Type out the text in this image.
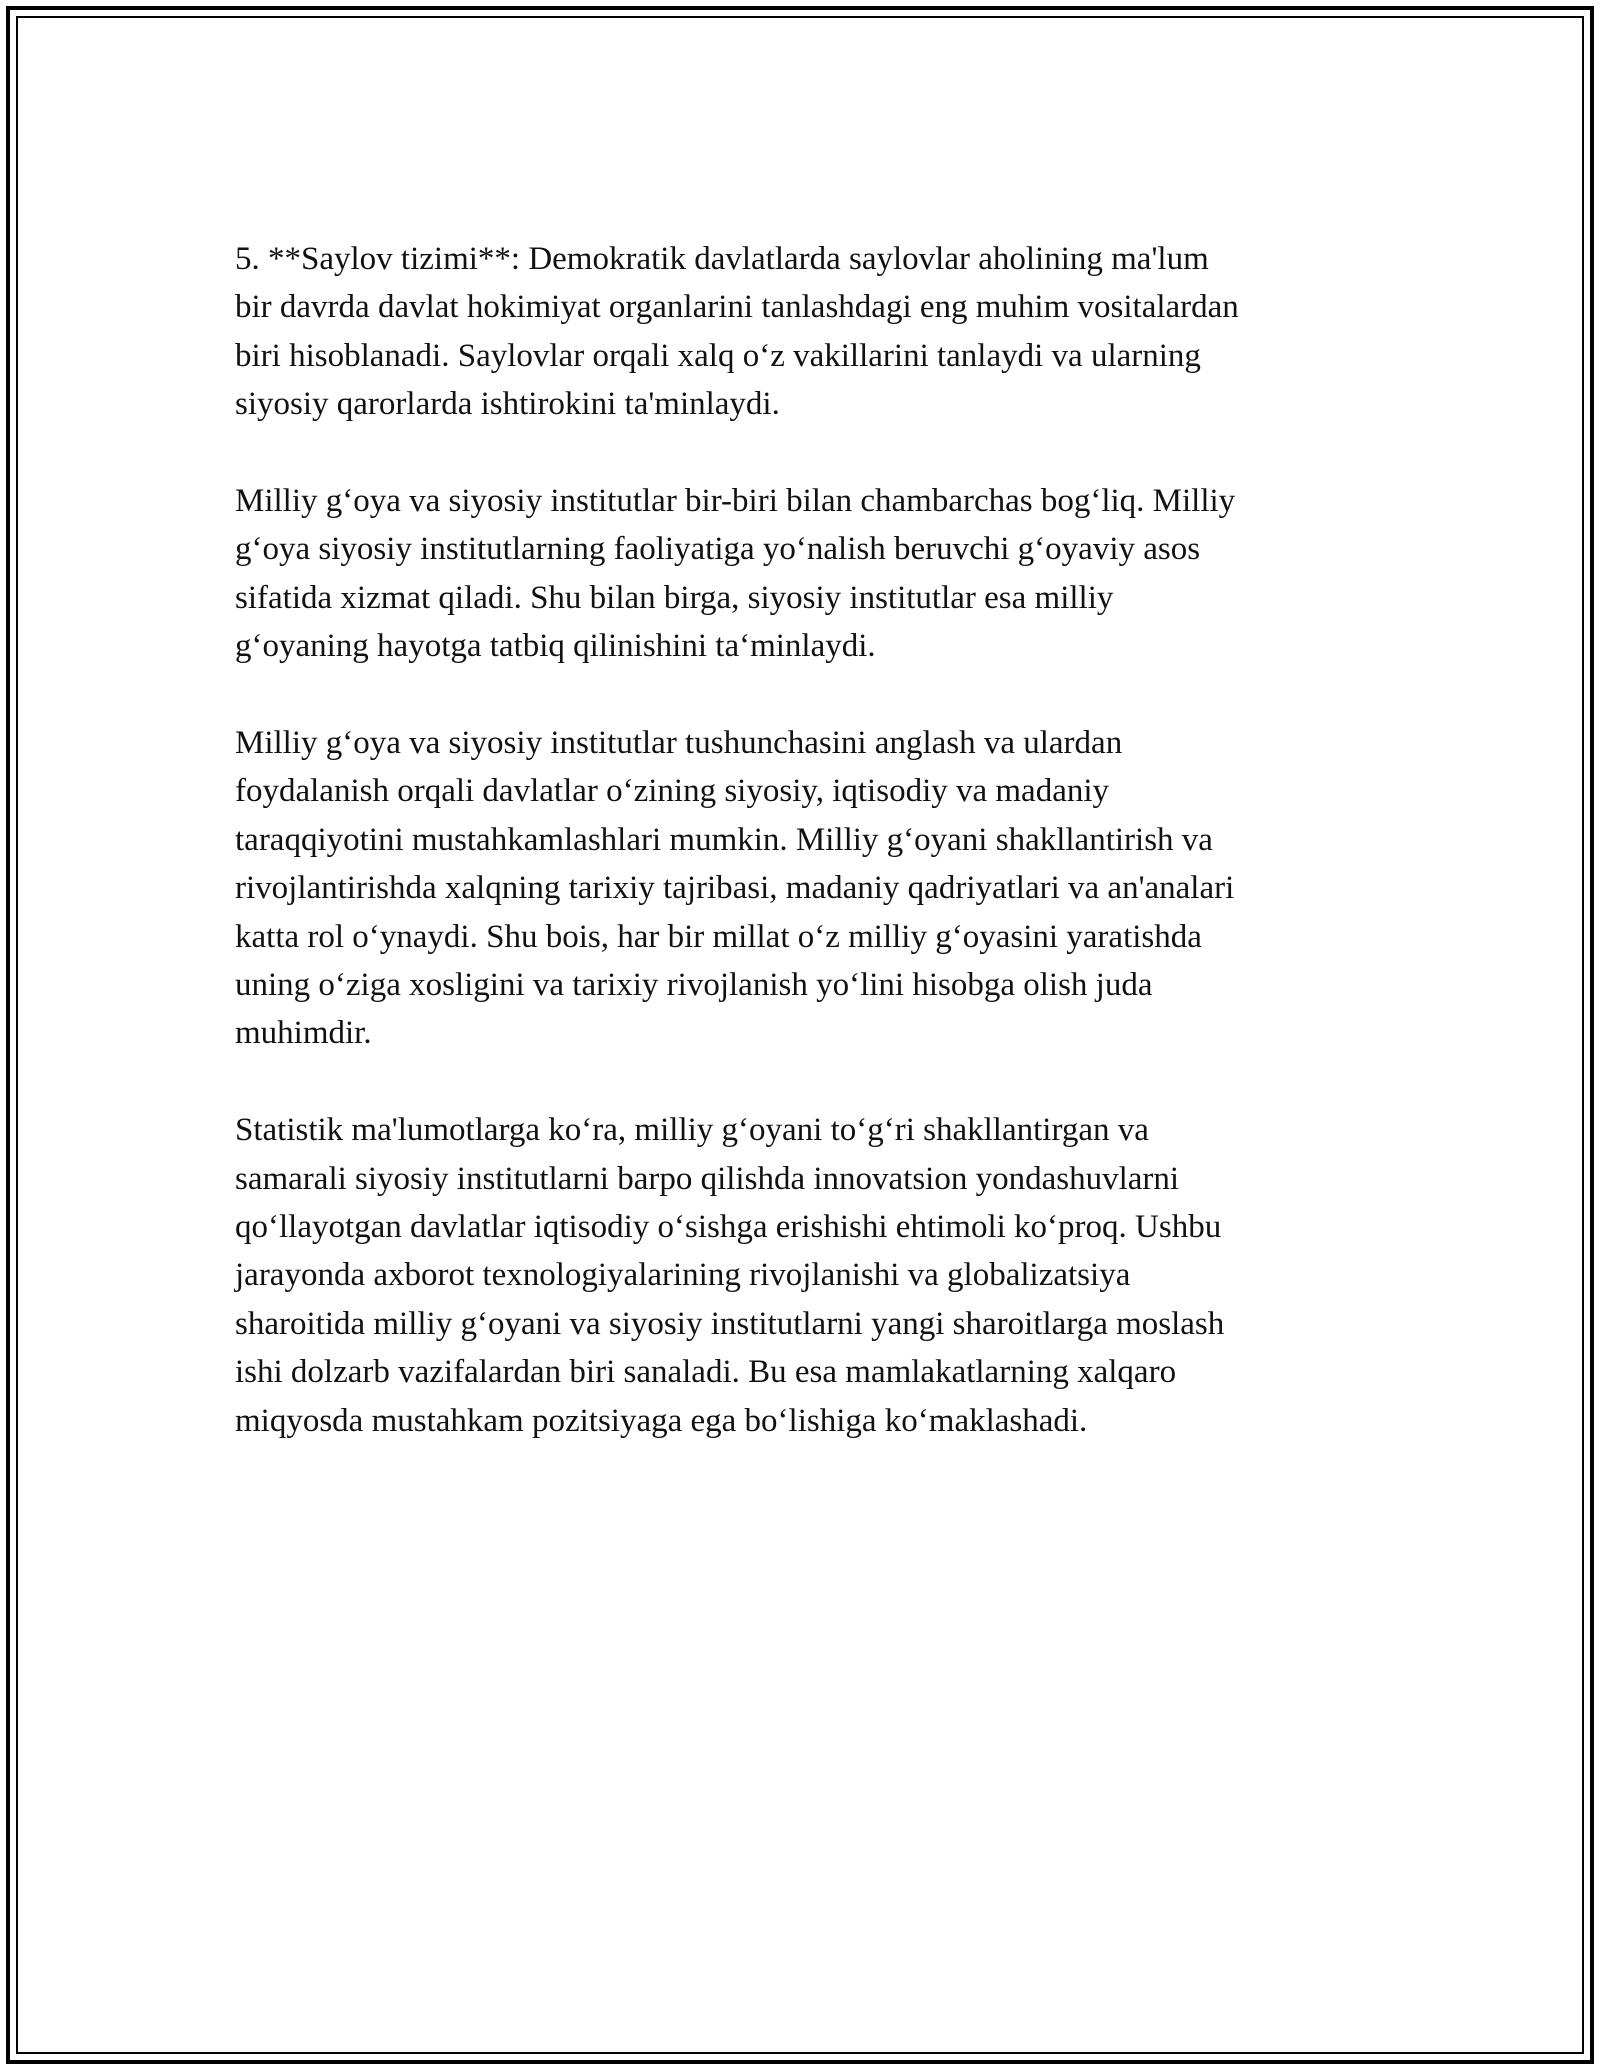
5. **Saylov tizimi**: Demokratik davlatlarda saylovlar aholining ma'lum
bir davrda davlat hokimiyat organlarini tanlashdagi eng muhim vositalardan
biri hisoblanadi. Saylovlar orqali xalq o‘z vakillarini tanlaydi va ularning
siyosiy qarorlarda ishtirokini ta'minlaydi.

Milliy g‘oya va siyosiy institutlar bir-biri bilan chambarchas bog‘liq. Milliy
g‘oya siyosiy institutlarning faoliyatiga yo‘nalish beruvchi g‘oyaviy asos
sifatida xizmat qiladi. Shu bilan birga, siyosiy institutlar esa milliy
g‘oyaning hayotga tatbiq qilinishini ta‘minlaydi.

Milliy g‘oya va siyosiy institutlar tushunchasini anglash va ulardan
foydalanish orqali davlatlar o‘zining siyosiy, iqtisodiy va madaniy
taraqqiyotini mustahkamlashlari mumkin. Milliy g‘oyani shakllantirish va
rivojlantirishda xalqning tarixiy tajribasi, madaniy qadriyatlari va an'analari
katta rol o‘ynaydi. Shu bois, har bir millat o‘z milliy g‘oyasini yaratishda
uning o‘ziga xosligini va tarixiy rivojlanish yo‘lini hisobga olish juda
muhimdir.

Statistik ma'lumotlarga ko‘ra, milliy g‘oyani to‘g‘ri shakllantirgan va
samarali siyosiy institutlarni barpo qilishda innovatsion yondashuvlarni
qo‘llayotgan davlatlar iqtisodiy o‘sishga erishishi ehtimoli ko‘proq. Ushbu
jarayonda axborot texnologiyalarining rivojlanishi va globalizatsiya
sharoitida milliy g‘oyani va siyosiy institutlarni yangi sharoitlarga moslash
ishi dolzarb vazifalardan biri sanaladi. Bu esa mamlakatlarning xalqaro
miqyosda mustahkam pozitsiyaga ega bo‘lishiga ko‘maklashadi.
